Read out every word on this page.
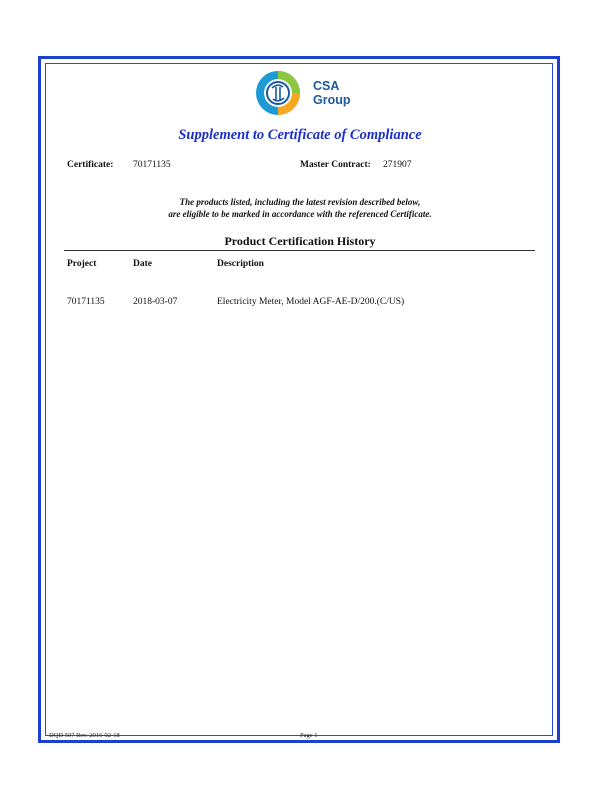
CSA
Group
Supplement to Certificate of Compliance
Certificate: 70171135	Master Contract: 271907
The products listed, including the latest revision described below,
are eligible to be marked in accordance with the referenced Certificate.
Product Certification History
Project	Date	Description
70171135	2018-03-07	Electricity Meter, Model AGF-AE-D/200.(C/US)
DQD 507 Rev. 2016-02-18	Page 1
